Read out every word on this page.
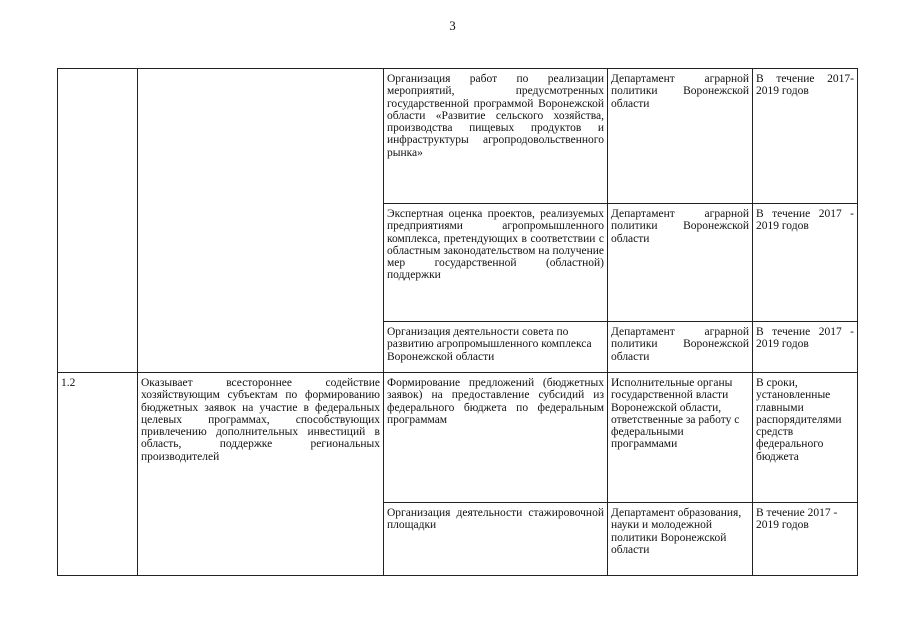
3
		Организация работ по реализации мероприятий, предусмотренных государственной программой Воронежской области «Развитие сельского хозяйства, производства пищевых продуктов и инфраструктуры агропродовольственного рынка»	Департамент аграрной политики Воронежской области	В течение 2017-2019 годов
		Экспертная оценка проектов, реализуемых предприятиями агропромышленного комплекса, претендующих в соответствии с областным законодательством на получение мер государственной (областной) поддержки	Департамент аграрной политики Воронежской области	В течение 2017 - 2019 годов
		Организация деятельности совета по развитию агропромышленного комплекса Воронежской области	Департамент аграрной политики Воронежской области	В течение 2017 - 2019 годов
1.2	Оказывает всестороннее содействие хозяйствующим субъектам по формированию бюджетных заявок на участие в федеральных целевых программах, способствующих привлечению дополнительных инвестиций в область, поддержке региональных производителей	Формирование предложений (бюджетных заявок) на предоставление субсидий из федерального бюджета по федеральным программам	Исполнительные органы государственной власти Воронежской области, ответственные за работу с федеральными программами	В сроки, установленные главными распорядителями средств федерального бюджета
		Организация деятельности стажировочной площадки	Департамент образования, науки и молодежной политики Воронежской области	В течение 2017 - 2019 годов
